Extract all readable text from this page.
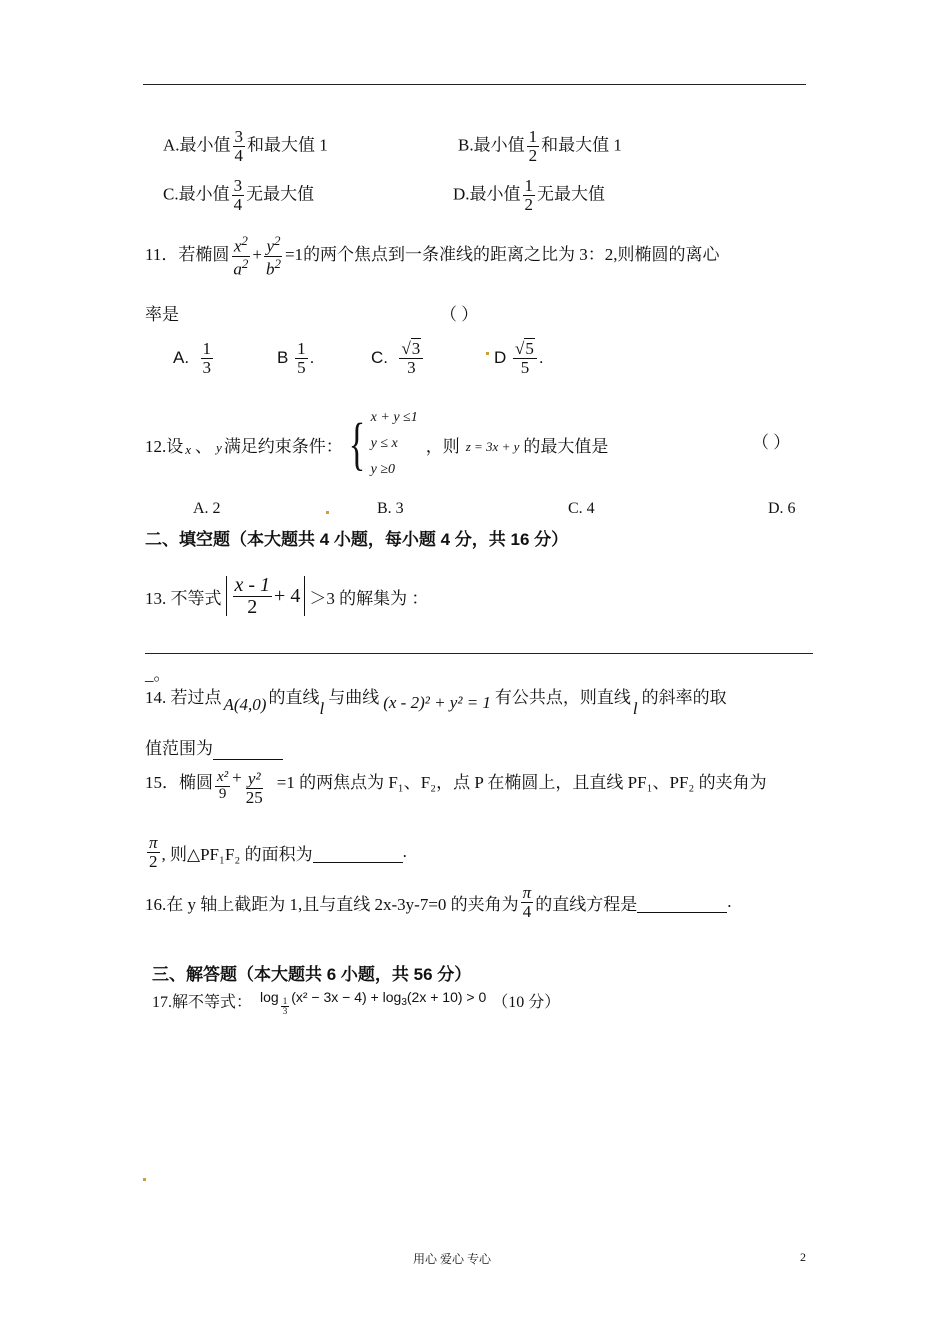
A.最小值 $\frac{3}{4}$ 和最大值 1	B.最小值 $\frac{1}{2}$ 和最大值 1
C.最小值 $\frac{3}{4}$ 无最大值	D.最小值 $\frac{1}{2}$ 无最大值
11．若椭圆 $\frac{x^2}{a^2} + \frac{y^2}{b^2} =1$的两个焦点到一条准线的距离之比为 3：2,则椭圆的离心
率是	（ ）
A. $\frac{1}{3}$	B $\frac{1}{5}$ .	C. $\frac{√3}{3}$	D $\frac{√5}{5}$ .
12.设 x 、 y 满足约束条件： { x + y ≤1
y ≤ x
y ≥0
，则 z = 3x + y 的最大值是	（ ）
A. 2	B. 3	C. 4	D. 6
二、填空题（本大题共 4 小题，每小题 4 分，共 16 分）
13. 不等式 $\frac{x - 1}{2} + 4 >3$ 的解集为 ：
_。
14. 若过点 A(4,0) 的直线
l
与曲线 (x - 2)² + y² = 1 有公共点，则直线
l
的斜率的取
值范围为
15．椭圆 $\frac{\text{x²}}{9} + \frac{\text{y²}}{25} =1$ 的两焦点为 F₁、F₂，点 P 在椭圆上，且直线 PF₁、PF₂ 的夹角为
$\frac{\pi}{2}$ , 则△PF₁F₂ 的面积为
	.
16.在 y 轴上截距为 1,且与直线 2x-3y-7=0 的夹角为 $\frac{\pi}{4}$ 的直线方程是
	.
三、解答题（本大题共 6 小题，共 56 分）
17.解不等式： $\log \frac{1}{3} (x^2 - 3x - 4) + \log 3$ (2x + 10) > 0 （10 分）
用心 爱心 专心	2
